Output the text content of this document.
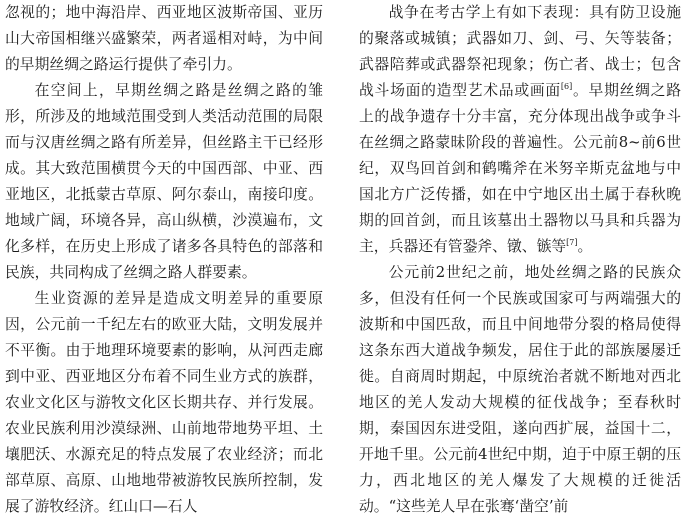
忽视的；地中海沿岸、西亚地区波斯帝国、亚历山大帝国相继兴盛繁荣，两者遥相对峙，为中间的早期丝绸之路运行提供了牵引力。

在空间上，早期丝绸之路是丝绸之路的雏形，所涉及的地域范围受到人类活动范围的局限而与汉唐丝绸之路有所差异，但丝路主干已经形成。其大致范围横贯今天的中国西部、中亚、西亚地区，北抵蒙古草原、阿尔泰山，南接印度。地域广阔，环境各异，高山纵横，沙漠遍布，文化多样，在历史上形成了诸多各具特色的部落和民族，共同构成了丝绸之路人群要素。

生业资源的差异是造成文明差异的重要原因，公元前一千纪左右的欧亚大陆，文明发展并不平衡。由于地理环境要素的影响，从河西走廊到中亚、西亚地区分布着不同生业方式的族群，农业文化区与游牧文化区长期共存、并行发展。农业民族利用沙漠绿洲、山前地带地势平坦、土壤肥沃、水源充足的特点发展了农业经济；而北部草原、高原、山地地带被游牧民族所控制，发展了游牧经济。红山口—石人

战争在考古学上有如下表现：具有防卫设施的聚落或城镇；武器如刀、剑、弓、矢等装备；武器陪葬或武器祭祀现象；伤亡者、战士；包含战斗场面的造型艺术品或画面[6]。早期丝绸之路上的战争遗存十分丰富，充分体现出战争或争斗在丝绸之路蒙昧阶段的普遍性。公元前8~前6世纪，双鸟回首剑和鹤嘴斧在米努辛斯克盆地与中国北方广泛传播，如在中宁地区出土属于春秋晚期的回首剑，而且该墓出土器物以马具和兵器为主，兵器还有管銎斧、镦、镞等[7]。

公元前2世纪之前，地处丝绸之路的民族众多，但没有任何一个民族或国家可与两端强大的波斯和中国匹敌，而且中间地带分裂的格局使得这条东西大道战争频发，居住于此的部族屡屡迁徙。自商周时期起，中原统治者就不断地对西北地区的羌人发动大规模的征伐战争；至春秋时期，秦国因东进受阻，遂向西扩展，益国十二，开地千里。公元前4世纪中期，迫于中原王朝的压力，西北地区的羌人爆发了大规模的迁徙活动。“这些羌人早在张骞‘凿空’前
